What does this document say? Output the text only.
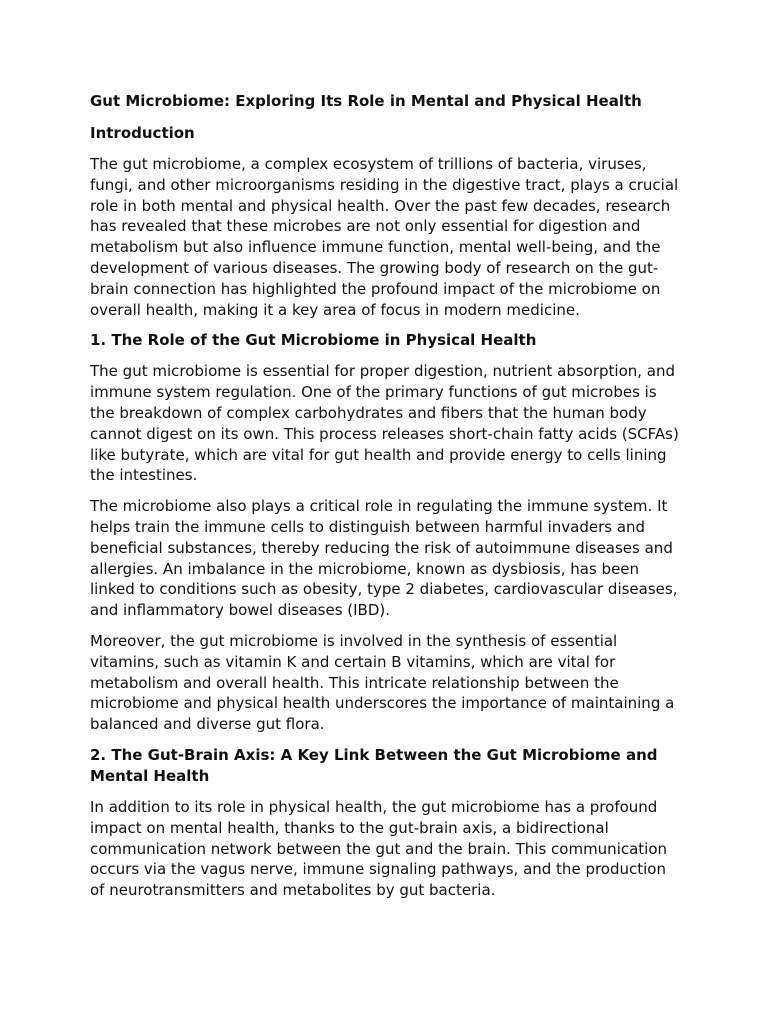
Gut Microbiome: Exploring Its Role in Mental and Physical Health
Introduction

The gut microbiome, a complex ecosystem of trillions of bacteria, viruses, fungi, and other microorganisms residing in the digestive tract, plays a crucial role in both mental and physical health. Over the past few decades, research has revealed that these microbes are not only essential for digestion and metabolism but also influence immune function, mental well-being, and the development of various diseases. The growing body of research on the gut-brain connection has highlighted the profound impact of the microbiome on overall health, making it a key area of focus in modern medicine.

1. The Role of the Gut Microbiome in Physical Health

The gut microbiome is essential for proper digestion, nutrient absorption, and immune system regulation. One of the primary functions of gut microbes is the breakdown of complex carbohydrates and fibers that the human body cannot digest on its own. This process releases short-chain fatty acids (SCFAs) like butyrate, which are vital for gut health and provide energy to cells lining the intestines.

The microbiome also plays a critical role in regulating the immune system. It helps train the immune cells to distinguish between harmful invaders and beneficial substances, thereby reducing the risk of autoimmune diseases and allergies. An imbalance in the microbiome, known as dysbiosis, has been linked to conditions such as obesity, type 2 diabetes, cardiovascular diseases, and inflammatory bowel diseases (IBD).

Moreover, the gut microbiome is involved in the synthesis of essential vitamins, such as vitamin K and certain B vitamins, which are vital for metabolism and overall health. This intricate relationship between the microbiome and physical health underscores the importance of maintaining a balanced and diverse gut flora.

2. The Gut-Brain Axis: A Key Link Between the Gut Microbiome and Mental Health

In addition to its role in physical health, the gut microbiome has a profound impact on mental health, thanks to the gut-brain axis, a bidirectional communication network between the gut and the brain. This communication occurs via the vagus nerve, immune signaling pathways, and the production of neurotransmitters and metabolites by gut bacteria.
